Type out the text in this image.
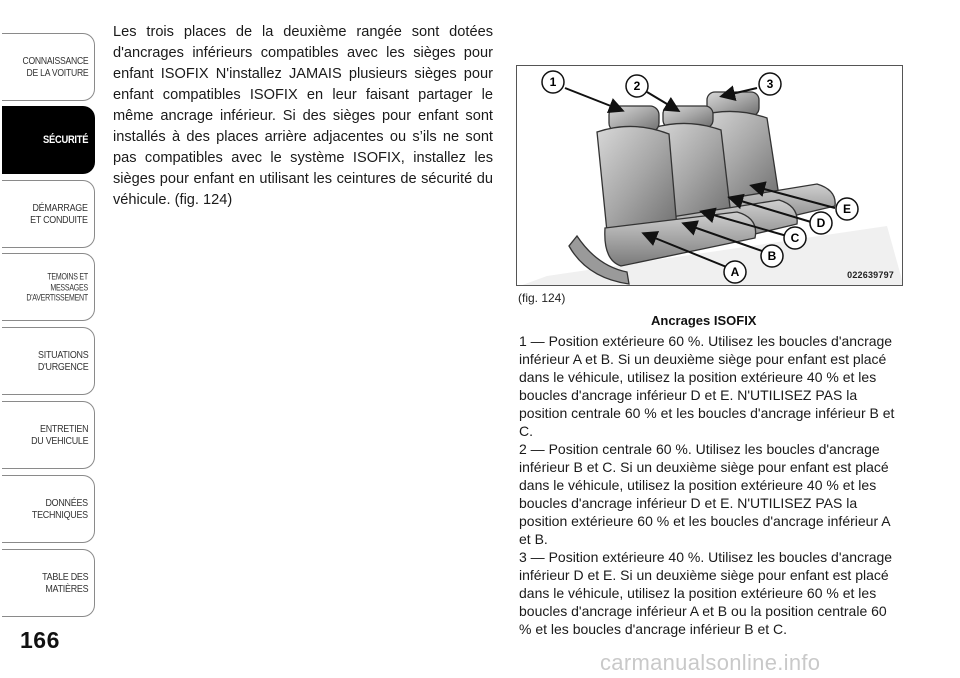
CONNAISSANCE
DE LA VOITURE
SÉCURITÉ
DÉMARRAGE
ET CONDUITE
TEMOINS ET
MESSAGES
D'AVERTISSEMENT
SITUATIONS
D'URGENCE
ENTRETIEN
DU VEHICULE
DONNÉES
TECHNIQUES
TABLE DES
MATIÈRES
166
Les trois places de la deuxième rangée sont dotées d'ancrages inférieurs compatibles avec les sièges pour enfant ISOFIX N'installez JAMAIS plusieurs sièges pour enfant compatibles ISOFIX en leur faisant partager le même ancrage inférieur. Si des sièges pour enfant sont installés à des places arrière adjacentes ou s’ils ne sont pas compatibles avec le système ISOFIX, installez les sièges pour enfant en utilisant les ceintures de sécurité du véhicule. (fig. 124)
1	2	3
A
B
C
D
E
022639797
(fig. 124)
Ancrages ISOFIX

1 — Position extérieure 60 %. Utilisez les boucles d'ancrage inférieur A et B. Si un deuxième siège pour enfant est placé dans le véhicule, utilisez la position extérieure 40 % et les boucles d'ancrage inférieur D et E. N'UTILISEZ PAS la position centrale 60 % et les boucles d'ancrage inférieur B et C.

2 — Position centrale 60 %. Utilisez les boucles d'ancrage inférieur B et C. Si un deuxième siège pour enfant est placé dans le véhicule, utilisez la position extérieure 40 % et les boucles d'ancrage inférieur D et E. N'UTILISEZ PAS la position extérieure 60 % et les boucles d'ancrage inférieur A et B.

3 — Position extérieure 40 %. Utilisez les boucles d'ancrage inférieur D et E. Si un deuxième siège pour enfant est placé dans le véhicule, utilisez la position extérieure 60 % et les boucles d'ancrage inférieur A et B ou la position centrale 60 % et les boucles d'ancrage inférieur B et C.

carmanualsonline.info
